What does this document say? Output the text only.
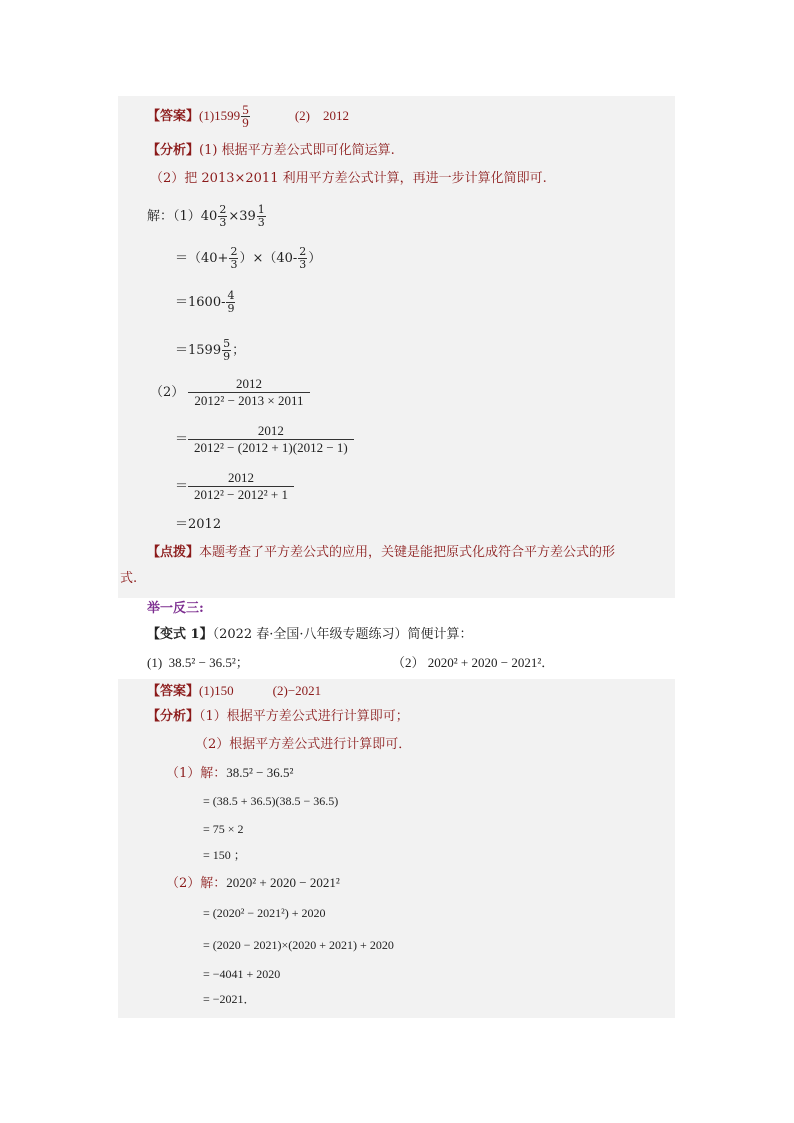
【答案】$(1)1599 \frac{5}{9}$	(2)　2012
【分析】(1) 根据平方差公式即可化简运算.
（2）把 2013×2011 利用平方差公式计算，再进一步计算化简即可.
解：$(1)40 \frac{2}{3} \times 39 \frac{1}{3}$
$=(40+ \frac{2}{3} )\times(40- \frac{2}{3}$ ）
$=1600- \frac{4}{9}$
$=1599 \frac{5}{9}$ ；
$(2) \frac{2012}{\text{2012² − 2013 × 2011}}$
＝ $\frac{2012}{\text{2012² − (2012 + 1)(2012 − 1)}}$
＝ $\frac{2012}{\text{2012² − 2012² + 1}}$
＝2012
【点拨】本题考查了平方差公式的应用，关键是能把原式化成符合平方差公式的形
式.
举一反三:
【变式 1】（2022 春·全国·八年级专题练习）简便计算：
(1) 38.5² − 36.5²；	（2） 2020² + 2020 − 2021²．
【答案】(1)150　　　(2)−2021
【分析】（1）根据平方差公式进行计算即可；
（2）根据平方差公式进行计算即可．
（1）解：38.5² − 36.5²
= (38.5 + 36.5)(38.5 − 36.5)
= 75 × 2
= 150 ；
（2）解：2020² + 2020 − 2021²
= (2020² − 2021²) + 2020
= (2020 − 2021)×(2020 + 2021) + 2020
= −4041 + 2020
= −2021．
